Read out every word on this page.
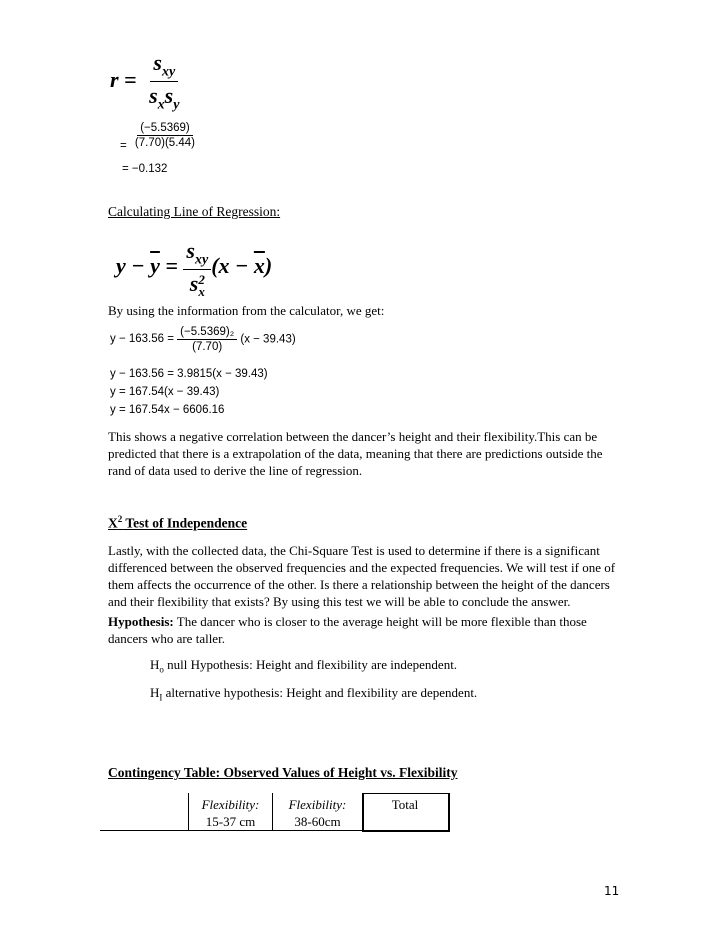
$r = \frac{s_{xy}}{s_xs_y}$
= $\frac{(-5.5369)}{(7.70)(5.44)}$
= −0.132
Calculating Line of Regression:
$y - \overline{y} = s_{xy}$
s 2
x $(x - \overline{x})$
By using the information from the calculator, we get:
$y - 163.56 = \frac{\text{(−5.5369)₂}}{(7.70)} (x - 39.43)$
y − 163.56 = 3.9815(x − 39.43)
y = 167.54(x − 39.43)
y = 167.54x − 6606.16
This shows a negative correlation between the dancer’s height and their flexibility.This can be predicted that there is a extrapolation of the data, meaning that there are predictions outside the rand of data used to derive the line of regression.
$X^2$ Test of Independence
Lastly, with the collected data, the Chi-Square Test is used to determine if there is a significant differenced between the observed frequencies and the expected frequencies. We will test if one of them affects the occurrence of the other. Is there a relationship between the height of the dancers and their flexibility that exists? By using this test we will be able to conclude the answer.
Hypothesis: The dancer who is closer to the average height will be more flexible than those dancers who are taller.
$H_o$ null Hypothesis: Height and flexibility are independent.
$H_I$ alternative hypothesis: Height and flexibility are dependent.
Contingency Table: Observed Values of Height vs. Flexibility
Flexibility:
15-37 cm
Flexibility:
38-60cm
Total
11
